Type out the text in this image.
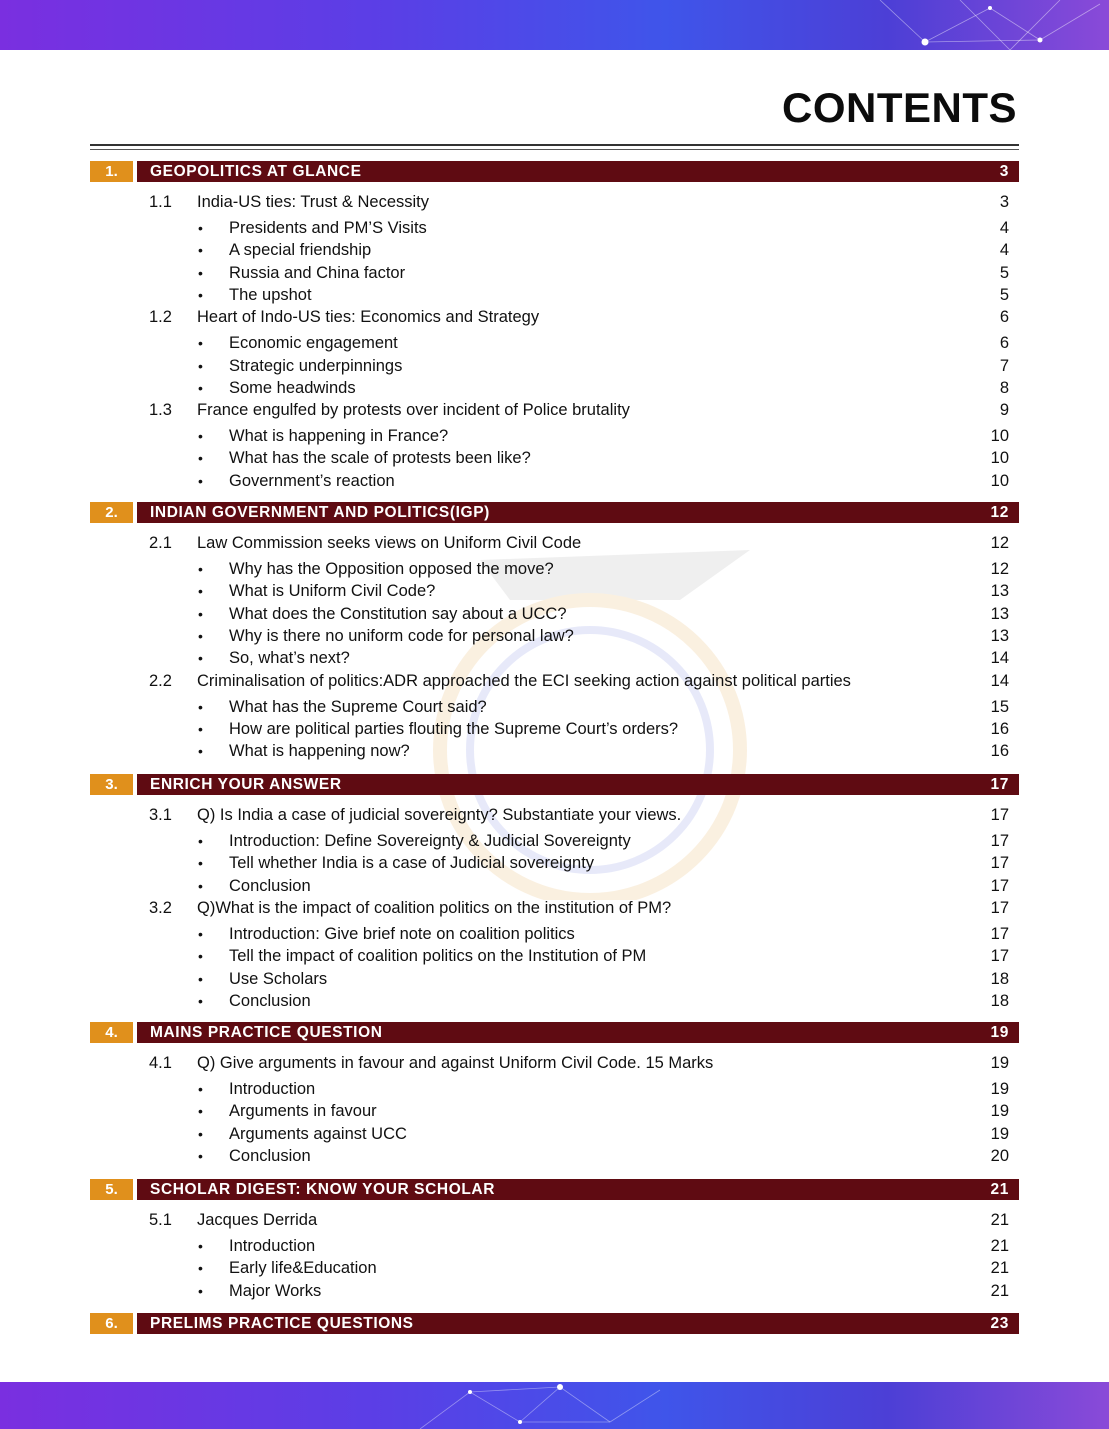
CONTENTS
1.	GEOPOLITICS AT GLANCE	3
1.1 India-US ties: Trust & Necessity	3
• Presidents and PM’S Visits	4
• A special friendship	4
• Russia and China factor	5
• The upshot	5
1.2 Heart of Indo-US ties: Economics and Strategy	6
• Economic engagement	6
• Strategic underpinnings	7
• Some headwinds	8
1.3 France engulfed by protests over incident of Police brutality	9
• What is happening in France?	10
• What has the scale of protests been like?	10
• Government’s reaction	10
2.	INDIAN GOVERNMENT AND POLITICS(IGP)	12
2.1 Law Commission seeks views on Uniform Civil Code	12
• Why has the Opposition opposed the move?	12
• What is Uniform Civil Code?	13
• What does the Constitution say about a UCC?	13
• Why is there no uniform code for personal law?	13
• So, what’s next?	14
2.2 Criminalisation of politics:ADR approached the ECI seeking action against political parties	14
• What has the Supreme Court said?	15
• How are political parties flouting the Supreme Court’s orders?	16
• What is happening now?	16
3.	ENRICH YOUR ANSWER	17
3.1 Q) Is India a case of judicial sovereignty? Substantiate your views.	17
• Introduction: Define Sovereignty & Judicial Sovereignty	17
• Tell whether India is a case of Judicial sovereignty	17
• Conclusion	17
3.2 Q)What is the impact of coalition politics on the institution of PM?	17
• Introduction: Give brief note on coalition politics	17
• Tell the impact of coalition politics on the Institution of PM	17
• Use Scholars	18
• Conclusion	18
4.	MAINS PRACTICE QUESTION	19
4.1 Q) Give arguments in favour and against Uniform Civil Code. 15 Marks	19
• Introduction	19
• Arguments in favour	19
• Arguments against UCC	19
• Conclusion	20
5.	SCHOLAR DIGEST: KNOW YOUR SCHOLAR	21
5.1 Jacques Derrida	21
• Introduction	21
• Early life&Education	21
• Major Works	21
6.	PRELIMS PRACTICE QUESTIONS	23
